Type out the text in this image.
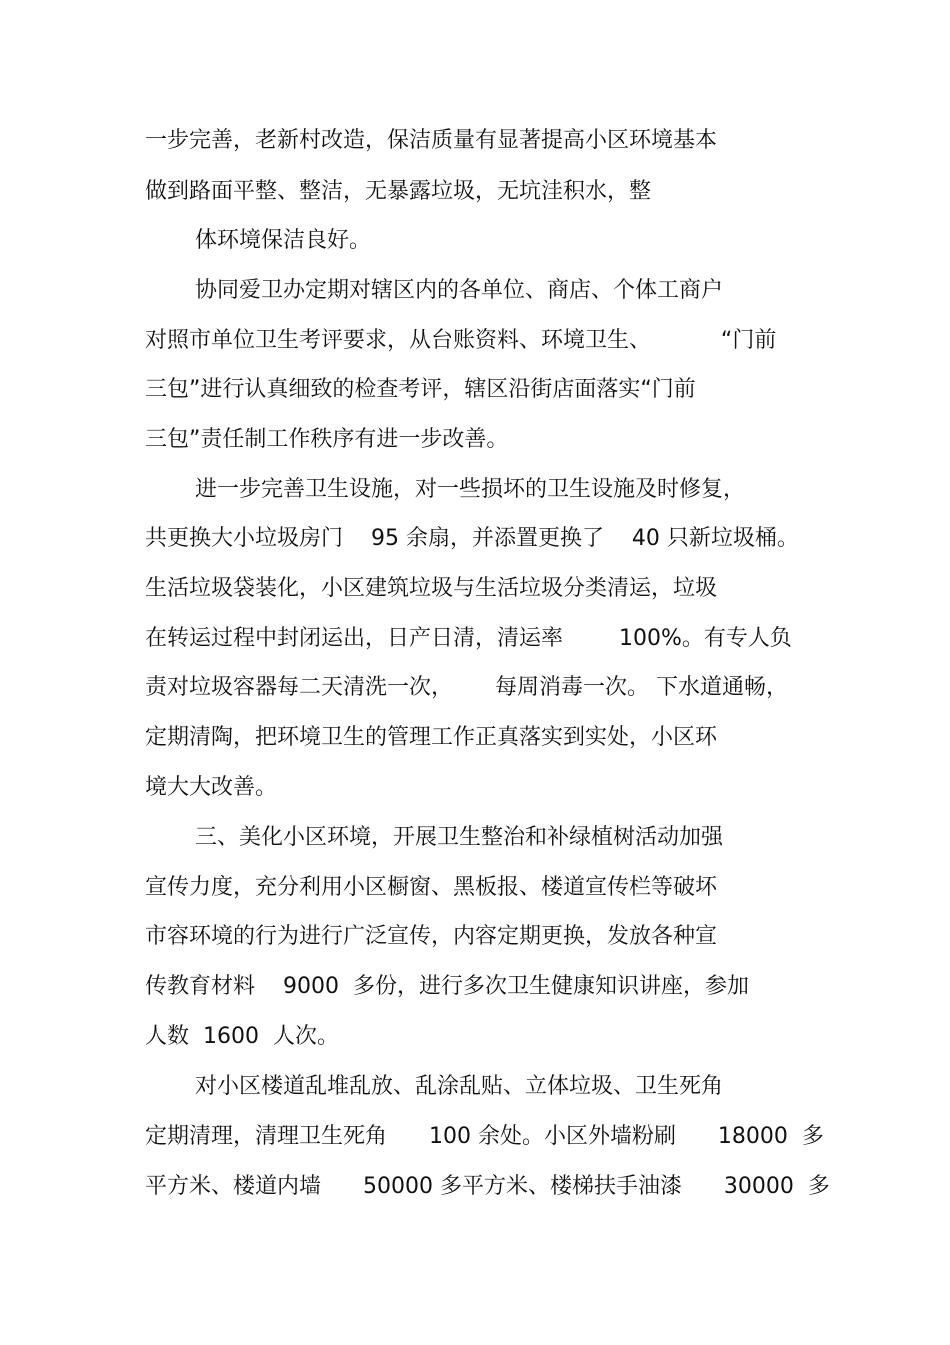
一步完善，老新村改造，保洁质量有显著提高小区环境基本
做到路面平整、整洁，无暴露垃圾，无坑洼积水，整
体环境保洁良好。
协同爱卫办定期对辖区内的各单位、商店、个体工商户
对照市单位卫生考评要求，从台账资料、环境卫生、          “门前
三包”进行认真细致的检查考评，辖区沿街店面落实“门前
三包”责任制工作秩序有进一步改善。
进一步完善卫生设施，对一些损坏的卫生设施及时修复，
共更换大小垃圾房门    95 余扇，并添置更换了    40 只新垃圾桶。
生活垃圾袋装化，小区建筑垃圾与生活垃圾分类清运，垃圾
在转运过程中封闭运出，日产日清，清运率        100%。有专人负
责对垃圾容器每二天清洗一次，      每周消毒一次。 下水道通畅，
定期清陶，把环境卫生的管理工作正真落实到实处，小区环
境大大改善。
三、美化小区环境，开展卫生整治和补绿植树活动加强
宣传力度，充分利用小区橱窗、黑板报、楼道宣传栏等破坏
市容环境的行为进行广泛宣传，内容定期更换，发放各种宣
传教育材料    9000  多份，进行多次卫生健康知识讲座，参加
人数  1600  人次。
对小区楼道乱堆乱放、乱涂乱贴、立体垃圾、卫生死角
定期清理，清理卫生死角      100 余处。小区外墙粉刷      18000  多
平方米、楼道内墙      50000 多平方米、楼梯扶手油漆      30000  多
